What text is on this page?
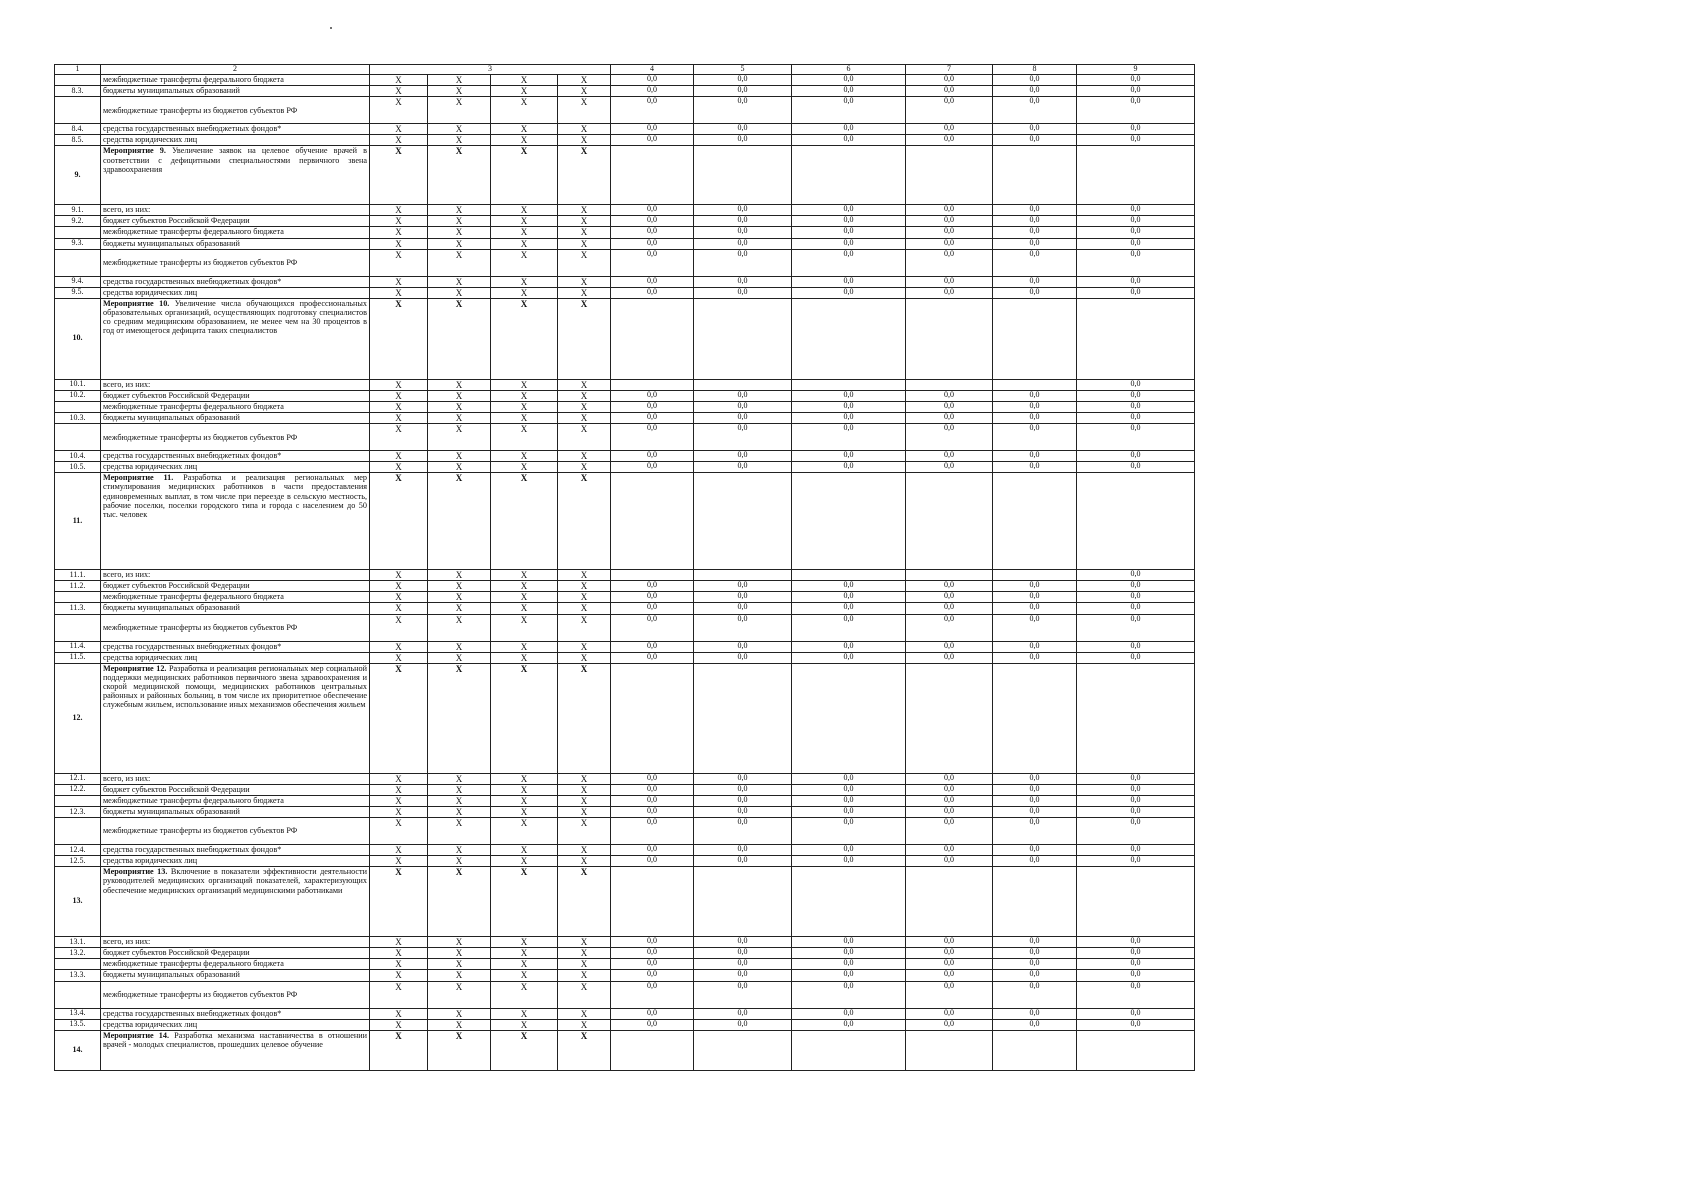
1	2	3				4	5	6	7	8	9
	межбюджетные трансферты федерального бюджета	X	X	X	X	0,0	0,0	0,0	0,0	0,0	0,0
8.3.	бюджеты муниципальных образований	X	X	X	X	0,0	0,0	0,0	0,0	0,0	0,0
	межбюджетные трансферты из бюджетов субъектов РФ	X	X	X	X	0,0	0,0	0,0	0,0	0,0	0,0
8.4.	средства государственных внебюджетных фондов*	X	X	X	X	0,0	0,0	0,0	0,0	0,0	0,0
8.5.	средства юридических лиц	X	X	X	X	0,0	0,0	0,0	0,0	0,0	0,0
9.	Мероприятие 9. Увеличение заявок на целевое обучение врачей в соответствии с дефицитными специальностями первичного звена здравоохранения	X	X	X	X						
9.1.	всего, из них:	X	X	X	X	0,0	0,0	0,0	0,0	0,0	0,0
9.2.	бюджет субъектов Российской Федерации	X	X	X	X	0,0	0,0	0,0	0,0	0,0	0,0
	межбюджетные трансферты федерального бюджета	X	X	X	X	0,0	0,0	0,0	0,0	0,0	0,0
9.3.	бюджеты муниципальных образований	X	X	X	X	0,0	0,0	0,0	0,0	0,0	0,0
	межбюджетные трансферты из бюджетов субъектов РФ	X	X	X	X	0,0	0,0	0,0	0,0	0,0	0,0
9.4.	средства государственных внебюджетных фондов*	X	X	X	X	0,0	0,0	0,0	0,0	0,0	0,0
9.5.	средства юридических лиц	X	X	X	X	0,0	0,0	0,0	0,0	0,0	0,0
10.	Мероприятие 10. Увеличение числа обучающихся профессиональных образовательных организаций, осуществляющих подготовку специалистов со средним медицинским образованием, не менее чем на 30 процентов в год от имеющегося дефицита таких специалистов	X	X	X	X						
10.1.	всего, из них:	X	X	X	X						0,0
10.2.	бюджет субъектов Российской Федерации	X	X	X	X	0,0	0,0	0,0	0,0	0,0	0,0
	межбюджетные трансферты федерального бюджета	X	X	X	X	0,0	0,0	0,0	0,0	0,0	0,0
10.3.	бюджеты муниципальных образований	X	X	X	X	0,0	0,0	0,0	0,0	0,0	0,0
	межбюджетные трансферты из бюджетов субъектов РФ	X	X	X	X	0,0	0,0	0,0	0,0	0,0	0,0
10.4.	средства государственных внебюджетных фондов*	X	X	X	X	0,0	0,0	0,0	0,0	0,0	0,0
10.5.	средства юридических лиц	X	X	X	X	0,0	0,0	0,0	0,0	0,0	0,0
11.	Мероприятие 11. Разработка и реализация региональных мер стимулирования медицинских работников в части предоставления единовременных выплат, в том числе при переезде в сельскую местность, рабочие поселки, поселки городского типа и города с населением до 50 тыс. человек	X	X	X	X						
11.1.	всего, из них:	X	X	X	X						0,0
11.2.	бюджет субъектов Российской Федерации	X	X	X	X	0,0	0,0	0,0	0,0	0,0	0,0
	межбюджетные трансферты федерального бюджета	X	X	X	X	0,0	0,0	0,0	0,0	0,0	0,0
11.3.	бюджеты муниципальных образований	X	X	X	X	0,0	0,0	0,0	0,0	0,0	0,0
	межбюджетные трансферты из бюджетов субъектов РФ	X	X	X	X	0,0	0,0	0,0	0,0	0,0	0,0
11.4.	средства государственных внебюджетных фондов*	X	X	X	X	0,0	0,0	0,0	0,0	0,0	0,0
11.5.	средства юридических лиц	X	X	X	X	0,0	0,0	0,0	0,0	0,0	0,0
12.	Мероприятие 12. Разработка и реализация региональных мер социальной поддержки медицинских работников первичного звена здравоохранения и скорой медицинской помощи, медицинских работников центральных районных и районных больниц, в том числе их приоритетное обеспечение служебным жильем, использование иных механизмов обеспечения жильем	X	X	X	X						
12.1.	всего, из них:	X	X	X	X	0,0	0,0	0,0	0,0	0,0	0,0
12.2.	бюджет субъектов Российской Федерации	X	X	X	X	0,0	0,0	0,0	0,0	0,0	0,0
	межбюджетные трансферты федерального бюджета	X	X	X	X	0,0	0,0	0,0	0,0	0,0	0,0
12.3.	бюджеты муниципальных образований	X	X	X	X	0,0	0,0	0,0	0,0	0,0	0,0
	межбюджетные трансферты из бюджетов субъектов РФ	X	X	X	X	0,0	0,0	0,0	0,0	0,0	0,0
12.4.	средства государственных внебюджетных фондов*	X	X	X	X	0,0	0,0	0,0	0,0	0,0	0,0
12.5.	средства юридических лиц	X	X	X	X	0,0	0,0	0,0	0,0	0,0	0,0
13.	Мероприятие 13. Включение в показатели эффективности деятельности руководителей медицинских организаций показателей, характеризующих обеспечение медицинских организаций медицинскими работниками	X	X	X	X						
13.1.	всего, из них:	X	X	X	X	0,0	0,0	0,0	0,0	0,0	0,0
13.2.	бюджет субъектов Российской Федерации	X	X	X	X	0,0	0,0	0,0	0,0	0,0	0,0
	межбюджетные трансферты федерального бюджета	X	X	X	X	0,0	0,0	0,0	0,0	0,0	0,0
13.3.	бюджеты муниципальных образований	X	X	X	X	0,0	0,0	0,0	0,0	0,0	0,0
	межбюджетные трансферты из бюджетов субъектов РФ	X	X	X	X	0,0	0,0	0,0	0,0	0,0	0,0
13.4.	средства государственных внебюджетных фондов*	X	X	X	X	0,0	0,0	0,0	0,0	0,0	0,0
13.5.	средства юридических лиц	X	X	X	X	0,0	0,0	0,0	0,0	0,0	0,0
14.	Мероприятие 14. Разработка механизма наставничества в отношении врачей - молодых специалистов, прошедших целевое обучение	X	X	X	X						
